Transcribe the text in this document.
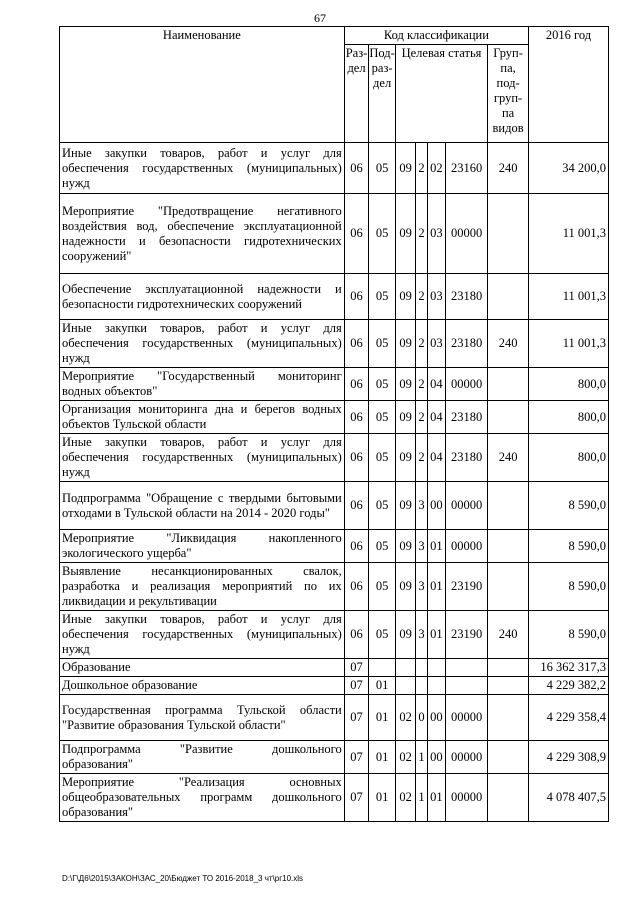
67
Наименование	Код классификации							2016 год
	Раз-дел	Под-раз-дел	Целевая статья				Груп-па, под-груп-па видов	
Иные закупки товаров, работ и услуг для обеспечения государственных (муниципальных) нужд	06	05	09	2	02	23160	240	34 200,0
Мероприятие "Предотвращение негативного воздействия вод, обеспечение эксплуатационной надежности и безопасности гидротехнических сооружений"	06	05	09	2	03	00000		11 001,3
Обеспечение эксплуатационной надежности и безопасности гидротехнических сооружений	06	05	09	2	03	23180		11 001,3
Иные закупки товаров, работ и услуг для обеспечения государственных (муниципальных) нужд	06	05	09	2	03	23180	240	11 001,3
Мероприятие "Государственный мониторинг водных объектов"	06	05	09	2	04	00000		800,0
Организация мониторинга дна и берегов водных объектов Тульской области	06	05	09	2	04	23180		800,0
Иные закупки товаров, работ и услуг для обеспечения государственных (муниципальных) нужд	06	05	09	2	04	23180	240	800,0
Подпрограмма "Обращение с твердыми бытовыми отходами в Тульской области на 2014 - 2020 годы"	06	05	09	3	00	00000		8 590,0
Мероприятие "Ликвидация накопленного экологического ущерба"	06	05	09	3	01	00000		8 590,0
Выявление несанкционированных свалок, разработка и реализация мероприятий по их ликвидации и рекультивации	06	05	09	3	01	23190		8 590,0
Иные закупки товаров, работ и услуг для обеспечения государственных (муниципальных) нужд	06	05	09	3	01	23190	240	8 590,0
Образование	07							16 362 317,3
Дошкольное образование	07	01						4 229 382,2
Государственная программа Тульской области "Развитие образования Тульской области"	07	01	02	0	00	00000		4 229 358,4
Подпрограмма "Развитие дошкольного образования"	07	01	02	1	00	00000		4 229 308,9
Мероприятие "Реализация основных общеобразовательных программ дошкольного образования"	07	01	02	1	01	00000		4 078 407,5
D:\Г\Д6\2015\ЗАКОН\ЗАС_20\Бюджет ТО 2016-2018_3 чт\рг10.xls
